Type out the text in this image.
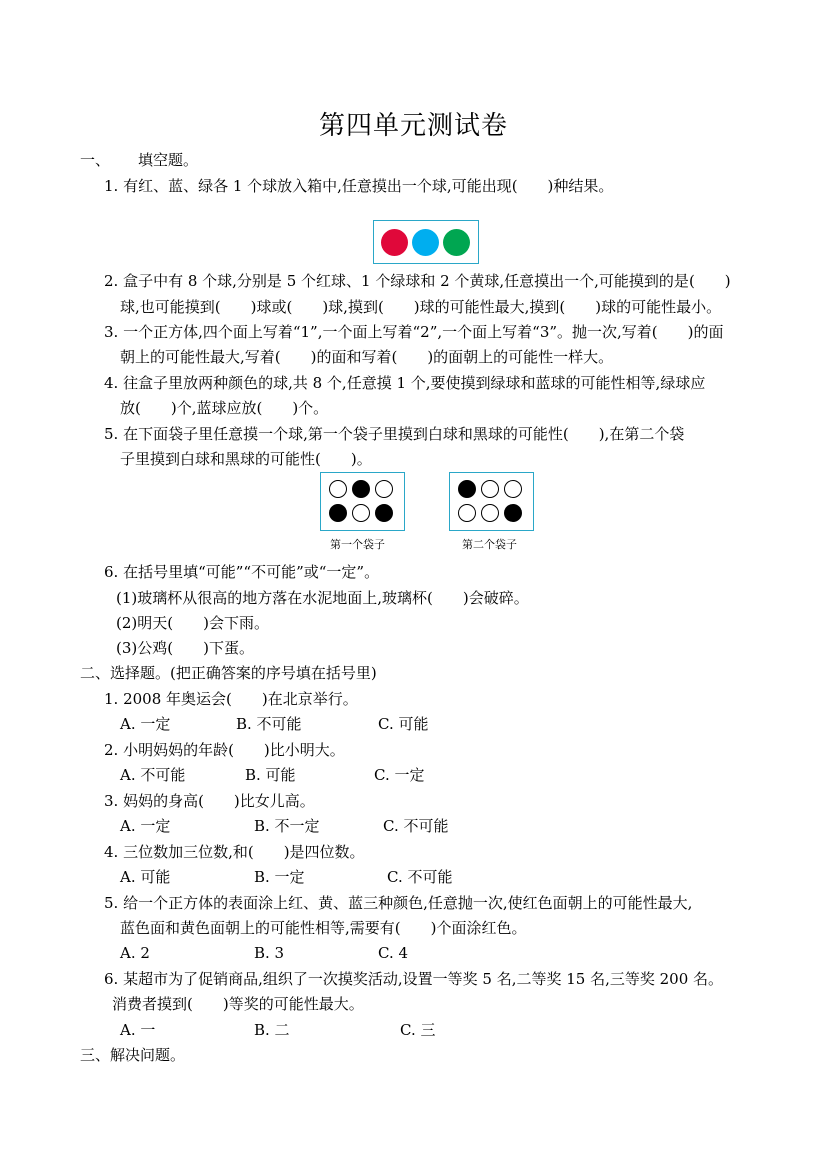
第四单元测试卷
一、 填空题。
1. 有红、蓝、绿各 1 个球放入箱中,任意摸出一个球,可能出现(　　)种结果。
2. 盒子中有 8 个球,分别是 5 个红球、1 个绿球和 2 个黄球,任意摸出一个,可能摸到的是(　　)
球,也可能摸到(　　)球或(　　)球,摸到(　　)球的可能性最大,摸到(　　)球的可能性最小。
3. 一个正方体,四个面上写着“1”,一个面上写着“2”,一个面上写着“3”。抛一次,写着(　　)的面
朝上的可能性最大,写着(　　)的面和写着(　　)的面朝上的可能性一样大。
4. 往盒子里放两种颜色的球,共 8 个,任意摸 1 个,要使摸到绿球和蓝球的可能性相等,绿球应
放(　　)个,蓝球应放(　　)个。
5. 在下面袋子里任意摸一个球,第一个袋子里摸到白球和黑球的可能性(　　),在第二个袋
子里摸到白球和黑球的可能性(　　)。
第一个袋子	第二个袋子
6. 在括号里填“可能”“不可能”或“一定”。
(1)玻璃杯从很高的地方落在水泥地面上,玻璃杯(　　)会破碎。
(2)明天(　　)会下雨。
(3)公鸡(　　)下蛋。
二、选择题。(把正确答案的序号填在括号里)
1. 2008 年奥运会(　　)在北京举行。
A. 一定	B. 不可能	C. 可能
2. 小明妈妈的年龄(　　)比小明大。
A. 不可能	B. 可能	C. 一定
3. 妈妈的身高(　　)比女儿高。
A. 一定	B. 不一定	C. 不可能
4. 三位数加三位数,和(　　)是四位数。
A. 可能	B. 一定	C. 不可能
5. 给一个正方体的表面涂上红、黄、蓝三种颜色,任意抛一次,使红色面朝上的可能性最大,
蓝色面和黄色面朝上的可能性相等,需要有(　　)个面涂红色。
A. 2	B. 3	C. 4
6. 某超市为了促销商品,组织了一次摸奖活动,设置一等奖 5 名,二等奖 15 名,三等奖 200 名。
消费者摸到(　　)等奖的可能性最大。
A. 一	B. 二	C. 三
三、解决问题。
